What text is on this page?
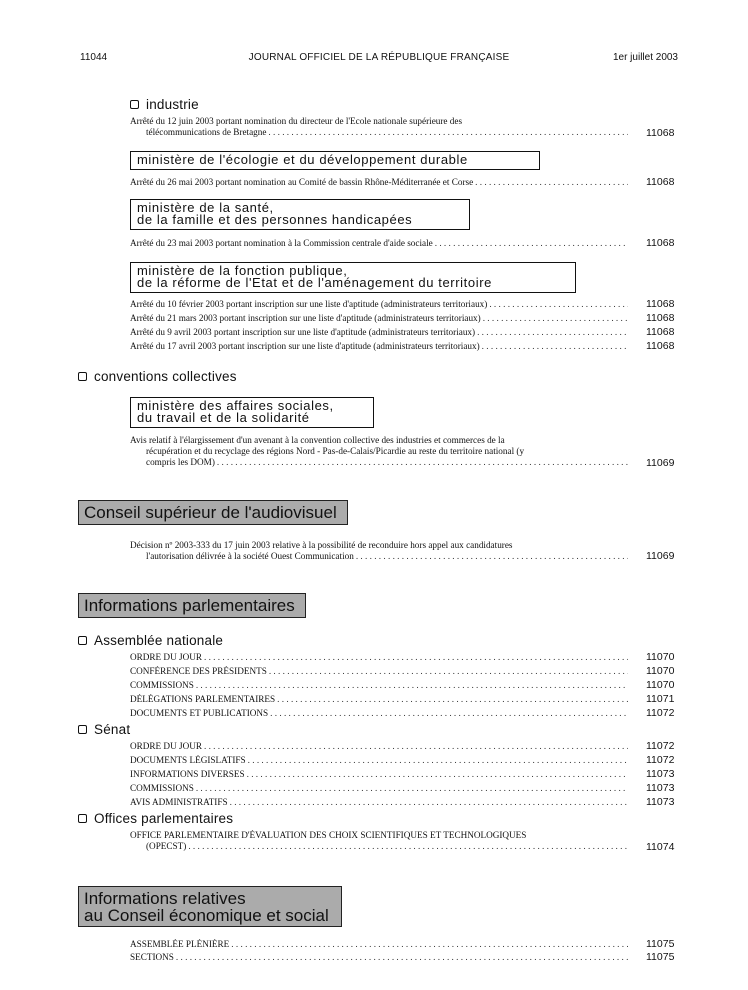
11044	JOURNAL OFFICIEL DE LA RÉPUBLIQUE FRANÇAISE	1er juillet 2003
industrie
Arrêté du 12 juin 2003 portant nomination du directeur de l'Ecole nationale supérieure des
télécommunications de Bretagne . . .	11068
ministère de l'écologie et du développement durable
Arrêté du 26 mai 2003 portant nomination au Comité de bassin Rhône-Méditerranée et Corse . . .	11068
ministère de la santé,
de la famille et des personnes handicapées
Arrêté du 23 mai 2003 portant nomination à la Commission centrale d'aide sociale . . .	11068
ministère de la fonction publique,
de la réforme de l'Etat et de l'aménagement du territoire
Arrêté du 10 février 2003 portant inscription sur une liste d'aptitude (administrateurs territoriaux) . . .	11068
Arrêté du 21 mars 2003 portant inscription sur une liste d'aptitude (administrateurs territoriaux) . . .	11068
Arrêté du 9 avril 2003 portant inscription sur une liste d'aptitude (administrateurs territoriaux) . . .	11068
Arrêté du 17 avril 2003 portant inscription sur une liste d'aptitude (administrateurs territoriaux) . . .	11068
conventions collectives
ministère des affaires sociales,
du travail et de la solidarité
Avis relatif à l'élargissement d'un avenant à la convention collective des industries et commerces de la
récupération et du recyclage des régions Nord - Pas-de-Calais/Picardie au reste du territoire national (y
compris les DOM) . . .	11069
Conseil supérieur de l'audiovisuel
Décision nº 2003-333 du 17 juin 2003 relative à la possibilité de reconduire hors appel aux candidatures
l'autorisation délivrée à la société Ouest Communication . . .	11069
Informations parlementaires
Assemblée nationale
ORDRE DU JOUR . . .	11070
CONFÉRENCE DES PRÉSIDENTS . . .	11070
COMMISSIONS . . .	11070
DÉLÉGATIONS PARLEMENTAIRES . . .	11071
DOCUMENTS ET PUBLICATIONS . . .	11072
Sénat
ORDRE DU JOUR . . .	11072
DOCUMENTS LÉGISLATIFS . . .	11072
INFORMATIONS DIVERSES . . .	11073
COMMISSIONS . . .	11073
AVIS ADMINISTRATIFS . . .	11073
Offices parlementaires
OFFICE PARLEMENTAIRE D'ÉVALUATION DES CHOIX SCIENTIFIQUES ET TECHNOLOGIQUES
(OPECST) . . .	11074
Informations relatives
au Conseil économique et social
ASSEMBLÉE PLÉNIÈRE . . .	11075
SECTIONS . . .	11075
